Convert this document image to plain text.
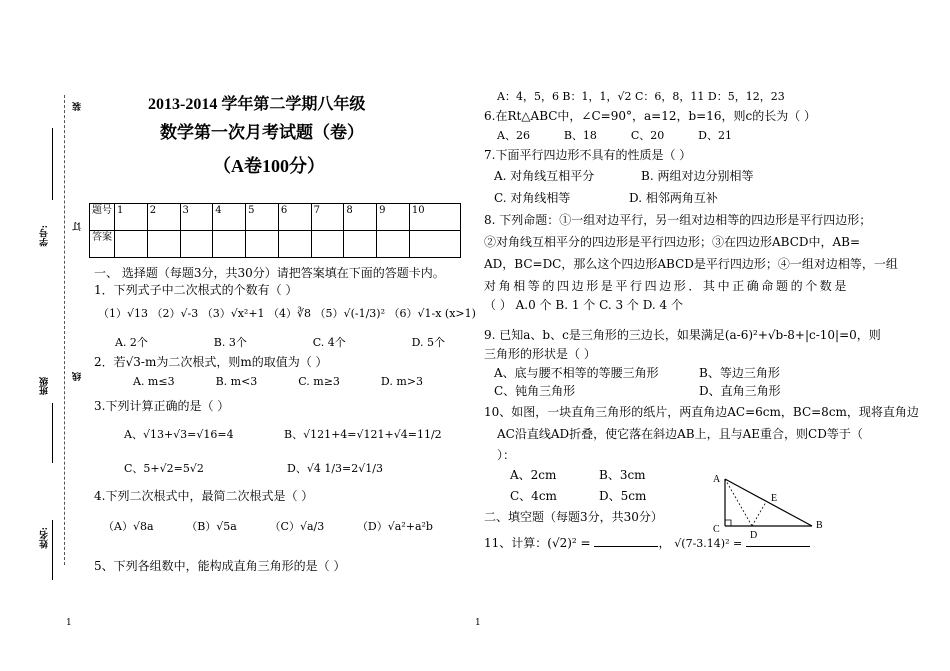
学号:
班级
姓名:
装
订
线
2013-2014 学年第二学期八年级
数学第一次月考试题（卷）
（A卷100分）
题号	1	2	3	4	5	6	7	8	9	10
答案										
一、 选择题（每题3分，共30分）请把答案填在下面的答题卡内。
1．下列式子中二次根式的个数有（ ）
（1）√13 （2）√-3 （3）√x²+1 （4）∛8 （5）√(-1/3)² （6）√1-x (x>1)
A. 2个	B. 3个	C. 4个	D. 5个
2．若√3-m为二次根式，则m的取值为（ ）
A. m≤3	B. m<3	C. m≥3	D. m>3
3.下列计算正确的是（ ）
A、√13+√3=√16=4	B、√121+4=√121+√4=11/2
C、5+√2=5√2	D、√4 1/3=2√1/3
4.下列二次根式中，最简二次根式是（ ）
（A）√8a	（B）√5a	（C）√a/3	（D）√a²+a²b
5、下列各组数中，能构成直角三角形的是（ ）
1
A：4，5，6 B：1，1，√2 C：6，8，11 D：5，12，23
6.在Rt△ABC中，∠C=90°，a=12，b=16，则c的长为（ ）
A、26	B、18	C、20	D、21
7.下面平行四边形不具有的性质是（ ）
A. 对角线互相平分	B. 两组对边分别相等
C. 对角线相等	D. 相邻两角互补
8. 下列命题：①一组对边平行，另一组对边相等的四边形是平行四边形；
②对角线互相平分的四边形是平行四边形；③在四边形ABCD中，AB=
AD，BC=DC，那么这个四边形ABCD是平行四边形；④一组对边相等，一组
对角相等的四边形是平行四边形．其中正确命题的个数是
（ ） A.0 个 B. 1 个 C. 3 个 D. 4 个
9. 已知a、b、c是三角形的三边长，如果满足(a-6)²+√b-8+|c-10|=0，则
三角形的形状是（ ）
A、底与腰不相等的等腰三角形	B、等边三角形
C、钝角三角形	D、直角三角形
10、如图，一块直角三角形的纸片，两直角边AC=6cm，BC=8cm，现将直角边
AC沿直线AD折叠，使它落在斜边AB上，且与AE重合，则CD等于（
）：
A、2cm	B、3cm
C、4cm	D、5cm
二、填空题（每题3分，共30分）
11、计算：(√2)² =	， √(7-3.14)² =
A
B
C
D
E
1
